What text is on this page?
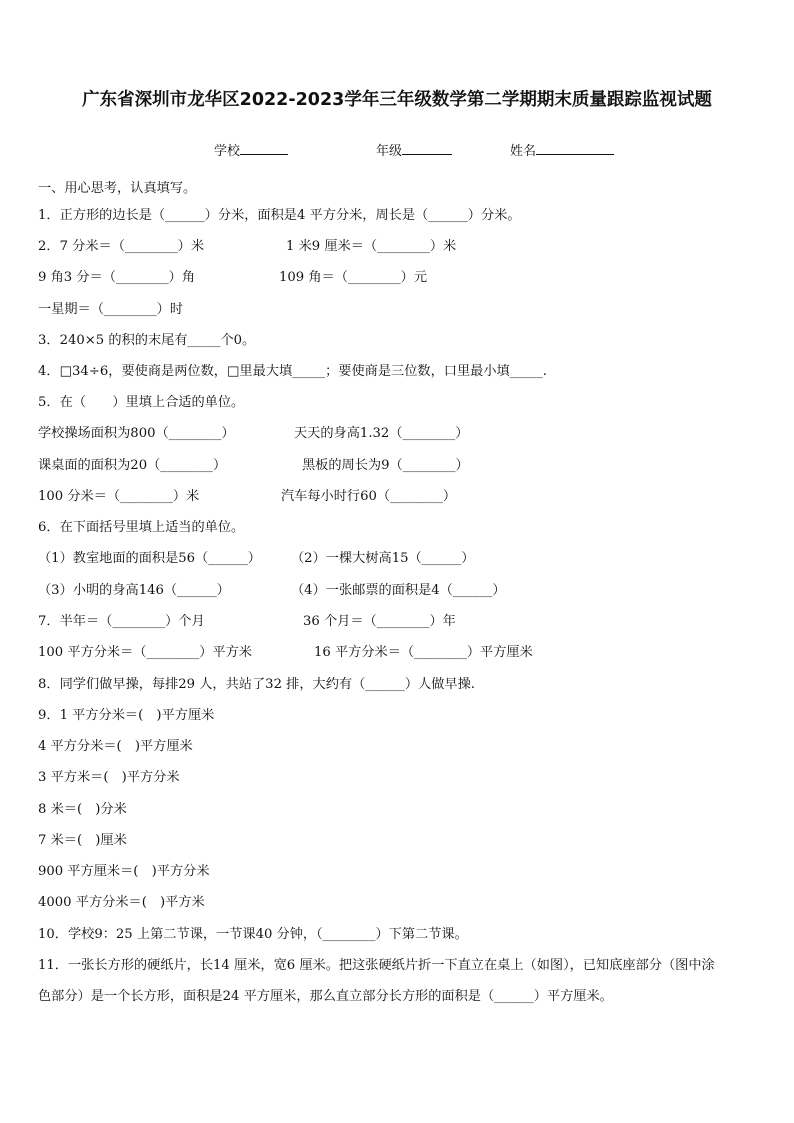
广东省深圳市龙华区2022-2023学年三年级数学第二学期期末质量跟踪监视试题
学校	年级	姓名
一、用心思考，认真填写。
1．正方形的边长是（______）分米，面积是4 平方分米，周长是（______）分米。
2．7 分米＝（________）米	1 米9 厘米＝（________）米
9 角3 分＝（________）角	109 角＝（________）元
一星期＝（________）时
3．240×5 的积的末尾有_____个0。
4．□34÷6，要使商是两位数，□里最大填_____；要使商是三位数，口里最小填_____.
5．在（　　）里填上合适的单位。
学校操场面积为800（________）	天天的身高1.32（________）
课桌面的面积为20（________）	黑板的周长为9（________）
100 分米＝（________）米	汽车每小时行60（________）
6．在下面括号里填上适当的单位。
（1）教室地面的面积是56（______） （2）一棵大树高15（______）
（3）小明的身高146（______）	（4）一张邮票的面积是4（______）
7．半年＝（________）个月	36 个月＝（________）年
100 平方分米＝（________）平方米	16 平方分米＝（________）平方厘米
8．同学们做早操，每排29 人，共站了32 排，大约有（______）人做早操.
9．1 平方分米＝(　)平方厘米
4 平方分米＝(　)平方厘米
3 平方米＝(　)平方分米
8 米＝(　)分米
7 米＝(　)厘米
900 平方厘米＝(　)平方分米
4000 平方分米＝(　)平方米
10．学校9：25 上第二节课，一节课40 分钟，（________）下第二节课。
11．一张长方形的硬纸片，长14 厘米，宽6 厘米。把这张硬纸片折一下直立在桌上（如图），已知底座部分（图中涂
色部分）是一个长方形，面积是24 平方厘米，那么直立部分长方形的面积是（______）平方厘米。
